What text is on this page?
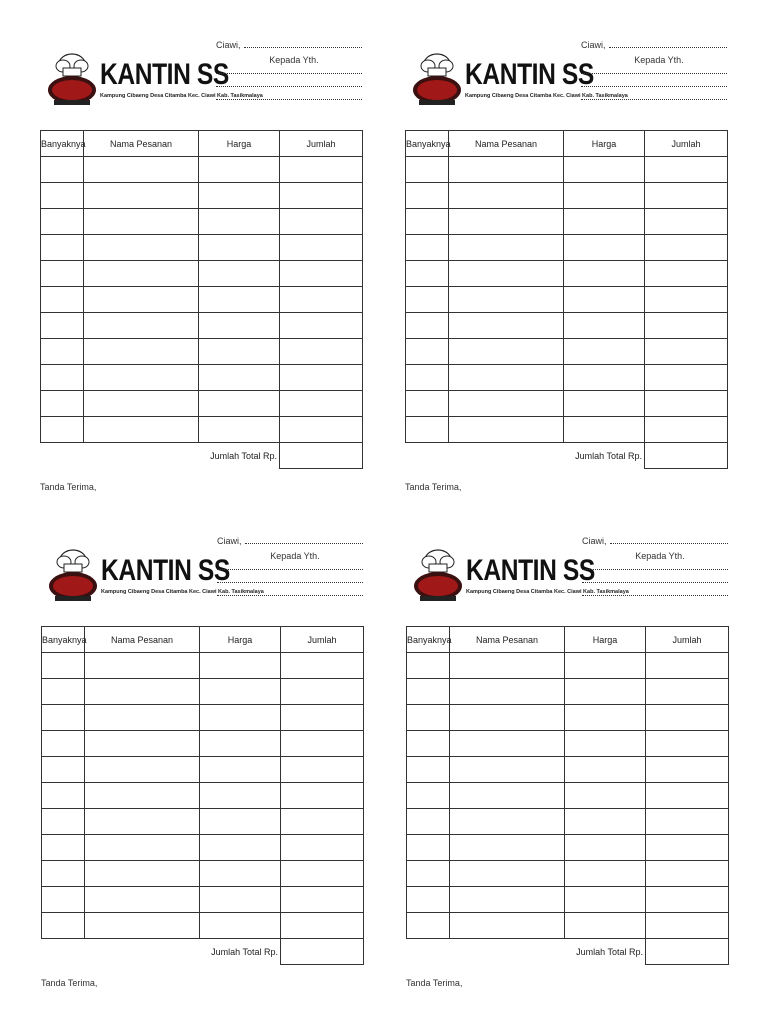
KANTIN SS
Kampung Cibaeng Desa Citamba Kec. Ciawi Kab. Tasikmalaya
Ciawi,
Kepada Yth.
Banyaknya	Nama Pesanan	Harga	Jumlah

		Jumlah Total Rp.	
Tanda Terima,
KANTIN SS
Kampung Cibaeng Desa Citamba Kec. Ciawi Kab. Tasikmalaya
Ciawi,
Kepada Yth.
Banyaknya	Nama Pesanan	Harga	Jumlah

		Jumlah Total Rp.	
Tanda Terima,
KANTIN SS
Kampung Cibaeng Desa Citamba Kec. Ciawi Kab. Tasikmalaya
Ciawi,
Kepada Yth.
Banyaknya	Nama Pesanan	Harga	Jumlah

		Jumlah Total Rp.	
Tanda Terima,
KANTIN SS
Kampung Cibaeng Desa Citamba Kec. Ciawi Kab. Tasikmalaya
Ciawi,
Kepada Yth.
Banyaknya	Nama Pesanan	Harga	Jumlah

		Jumlah Total Rp.	
Tanda Terima,
